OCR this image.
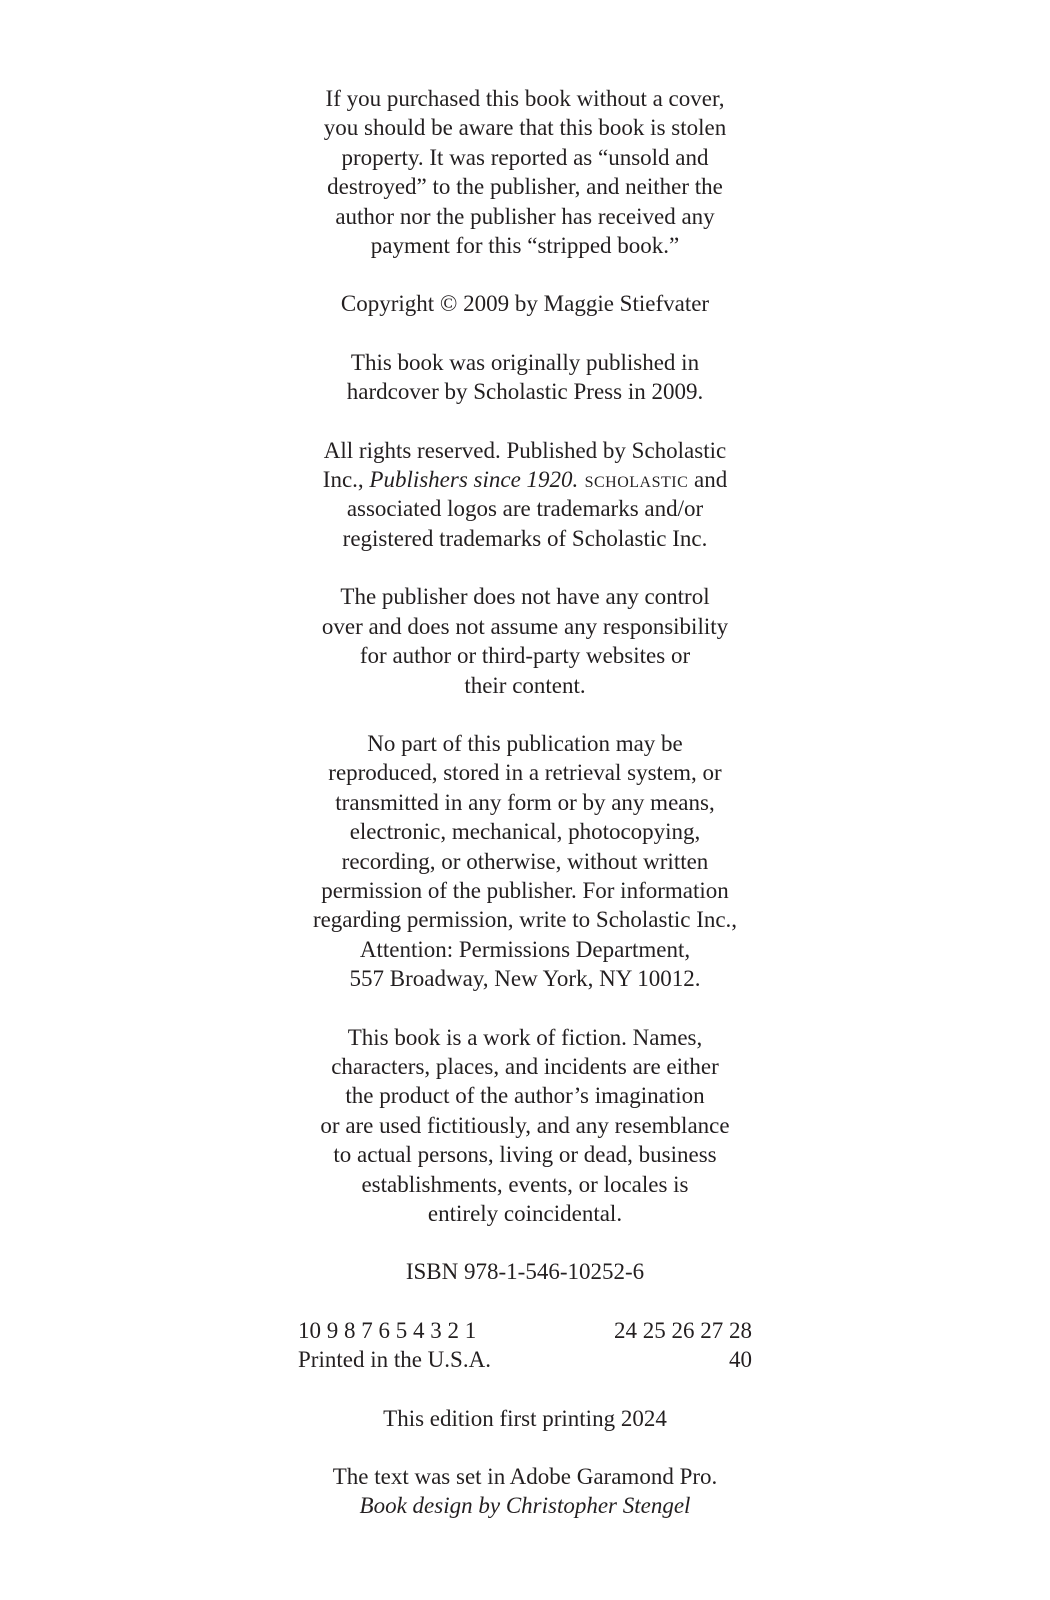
If you purchased this book without a cover,
you should be aware that this book is stolen
property. It was reported as “unsold and
destroyed” to the publisher, and neither the
author nor the publisher has received any
payment for this “stripped book.”

Copyright © 2009 by Maggie Stiefvater

This book was originally published in
hardcover by Scholastic Press in 2009.

All rights reserved. Published by Scholastic
Inc., Publishers since 1920. scholastic and
associated logos are trademarks and/or
registered trademarks of Scholastic Inc.

The publisher does not have any control
over and does not assume any responsibility
for author or third-party websites or
their content.

No part of this publication may be
reproduced, stored in a retrieval system, or
transmitted in any form or by any means,
electronic, mechanical, photocopying,
recording, or otherwise, without written
permission of the publisher. For information
regarding permission, write to Scholastic Inc.,
Attention: Permissions Department,
557 Broadway, New York, NY 10012.

This book is a work of fiction. Names,
characters, places, and incidents are either
the product of the author’s imagination
or are used fictitiously, and any resemblance
to actual persons, living or dead, business
establishments, events, or locales is
entirely coincidental.

ISBN 978-1-546-10252-6

10 9 8 7 6 5 4 3 2 1	24 25 26 27 28
Printed in the U.S.A.	40

This edition first printing 2024

The text was set in Adobe Garamond Pro.
Book design by Christopher Stengel
